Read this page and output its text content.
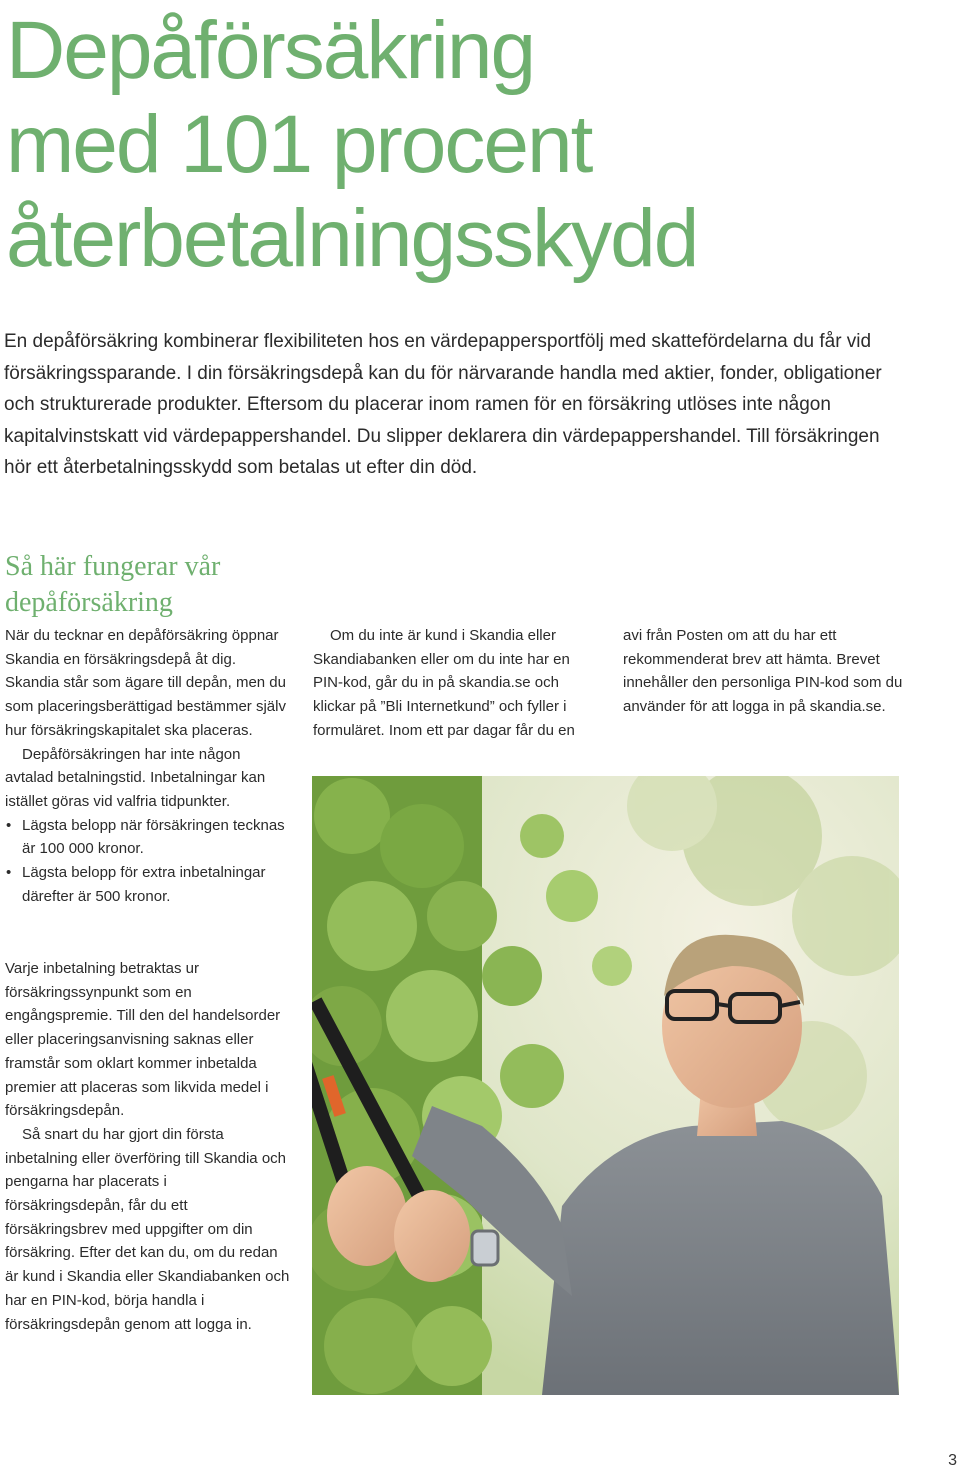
Depåförsäkring
med 101 procent
återbetalningsskydd

En depåförsäkring kombinerar flexibiliteten hos en värdepappersportfölj med skattefördelarna du får vid försäkringssparande. I din försäkringsdepå kan du för närvarande handla med aktier, fonder, obligationer och strukturerade produkter. Eftersom du placerar inom ramen för en försäkring utlöses inte någon kapitalvinstskatt vid värdepappershandel. Du slipper deklarera din värdepappershandel. Till försäkringen hör ett återbetalningsskydd som betalas ut efter din död.

Så här fungerar vår
depåförsäkring

När du tecknar en depåförsäkring öppnar Skandia en försäkringsdepå åt dig. Skandia står som ägare till depån, men du som placeringsberättigad bestämmer själv hur försäkringskapitalet ska placeras.

Depåförsäkringen har inte någon avtalad betalningstid. Inbetalningar kan istället göras vid valfria tidpunkter.

• Lägsta belopp när försäkringen tecknas är 100 000 kronor.
• Lägsta belopp för extra inbetalningar därefter är 500 kronor.

Varje inbetalning betraktas ur försäkringssynpunkt som en engångspremie. Till den del handelsorder eller placeringsanvisning saknas eller framstår som oklart kommer inbetalda premier att placeras som likvida medel i försäkringsdepån.

Så snart du har gjort din första inbetalning eller överföring till Skandia och pengarna har placerats i försäkringsdepån, får du ett försäkringsbrev med uppgifter om din försäkring. Efter det kan du, om du redan är kund i Skandia eller Skandiabanken och har en PIN-kod, börja handla i försäkringsdepån genom att logga in.

Om du inte är kund i Skandia eller Skandiabanken eller om du inte har en PIN-kod, går du in på skandia.se och klickar på ”Bli Internetkund” och fyller i formuläret. Inom ett par dagar får du en

avi från Posten om att du har ett rekommenderat brev att hämta. Brevet innehåller den personliga PIN-kod som du använder för att logga in på skandia.se.

3
